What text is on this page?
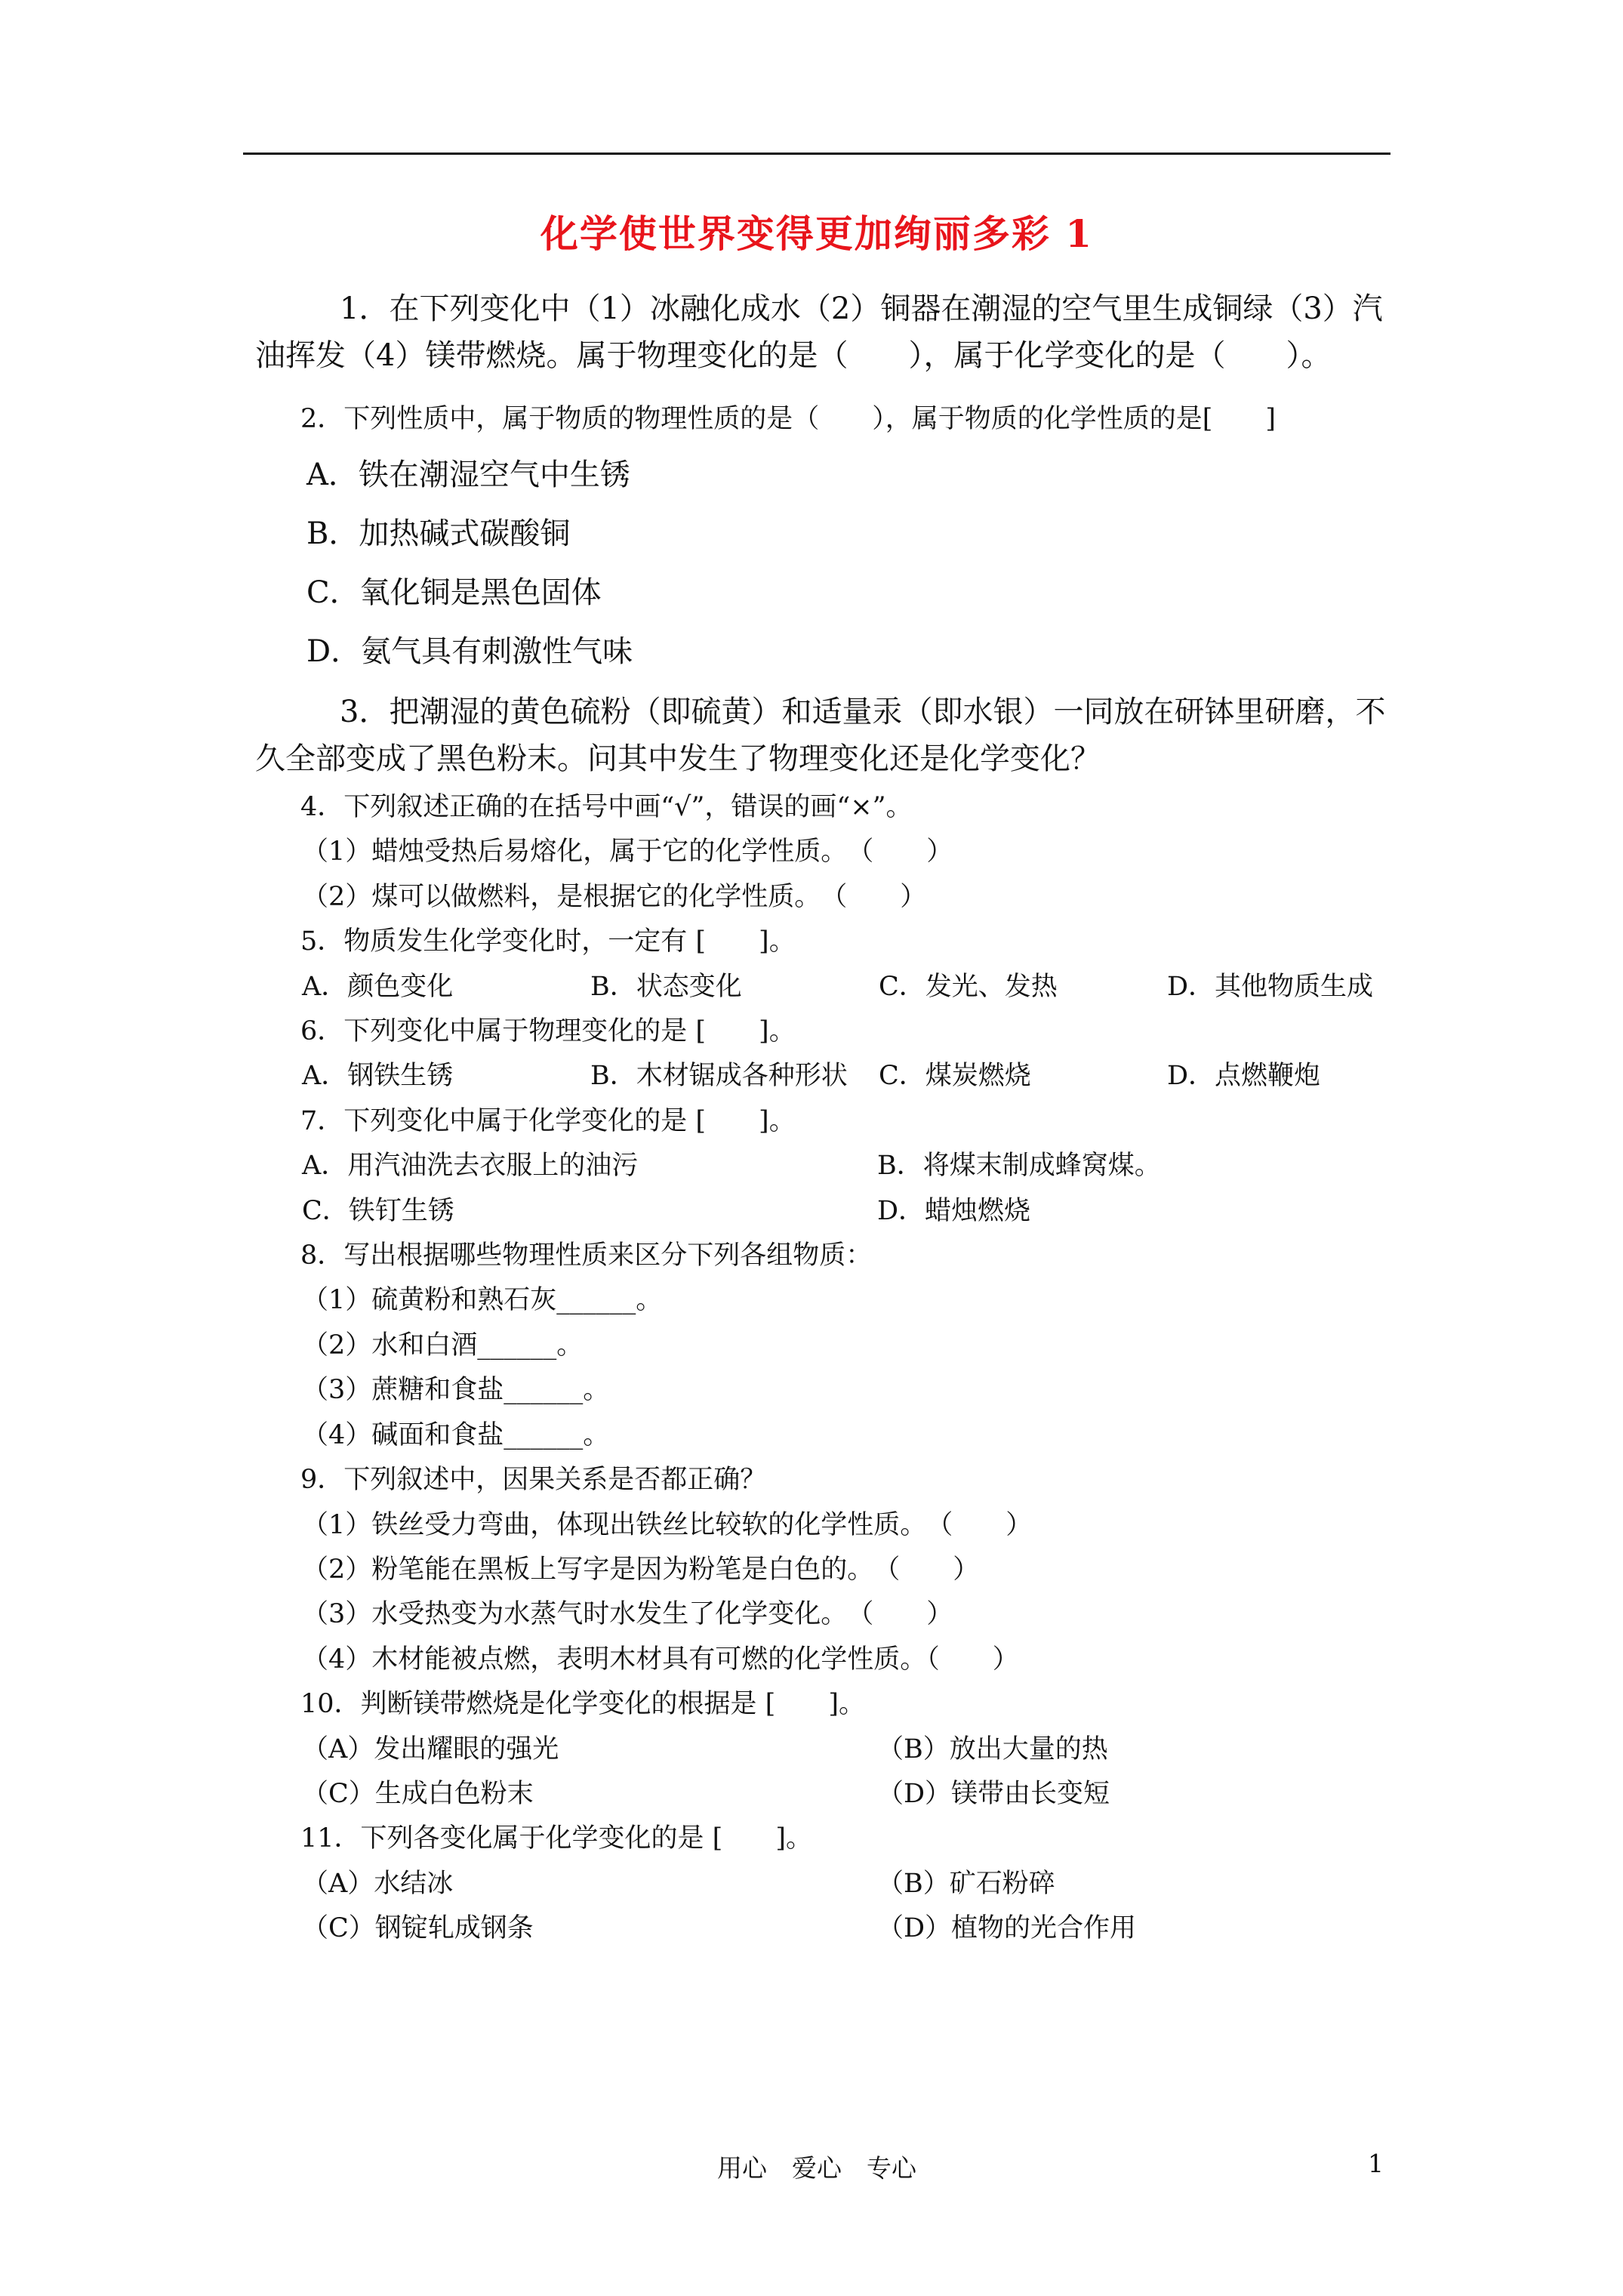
化学使世界变得更加绚丽多彩 1
1．在下列变化中（1）冰融化成水（2）铜器在潮湿的空气里生成铜绿（3）汽油挥发（4）镁带燃烧。属于物理变化的是（　　），属于化学变化的是（　　）。
2．下列性质中，属于物质的物理性质的是（　　），属于物质的化学性质的是[　　]
A．铁在潮湿空气中生锈
B．加热碱式碳酸铜
C．氧化铜是黑色固体
D．氨气具有刺激性气味
3．把潮湿的黄色硫粉（即硫黄）和适量汞（即水银）一同放在研钵里研磨，不久全部变成了黑色粉末。问其中发生了物理变化还是化学变化？
4．下列叙述正确的在括号中画“√”，错误的画“×”。
（1）蜡烛受热后易熔化，属于它的化学性质。　（　　）
（2）煤可以做燃料，是根据它的化学性质。　（　　）
5．物质发生化学变化时，一定有 [　　]。
A．颜色变化	B．状态变化	C．发光、发热	D．其他物质生成
6．下列变化中属于物理变化的是 [　　]。
A．钢铁生锈	B．木材锯成各种形状	C．煤炭燃烧	D．点燃鞭炮
7．下列变化中属于化学变化的是 [　　]。
A．用汽油洗去衣服上的油污	B．将煤末制成蜂窝煤。
C．铁钉生锈	D．蜡烛燃烧
8．写出根据哪些物理性质来区分下列各组物质：
（1）硫黄粉和熟石灰______。
（2）水和白酒______。
（3）蔗糖和食盐______。
（4）碱面和食盐______。
9．下列叙述中，因果关系是否都正确？
（1）铁丝受力弯曲，体现出铁丝比较软的化学性质。　（　　）
（2）粉笔能在黑板上写字是因为粉笔是白色的。　（　　）
（3）水受热变为水蒸气时水发生了化学变化。　（　　）
（4）木材能被点燃，表明木材具有可燃的化学性质。（　　）
10．判断镁带燃烧是化学变化的根据是 [　　]。
（A）发出耀眼的强光	（B）放出大量的热
（C）生成白色粉末	（D）镁带由长变短
11．下列各变化属于化学变化的是 [　　]。
（A）水结冰	（B）矿石粉碎
（C）钢锭轧成钢条	（D）植物的光合作用
用心　爱心　专心	1
